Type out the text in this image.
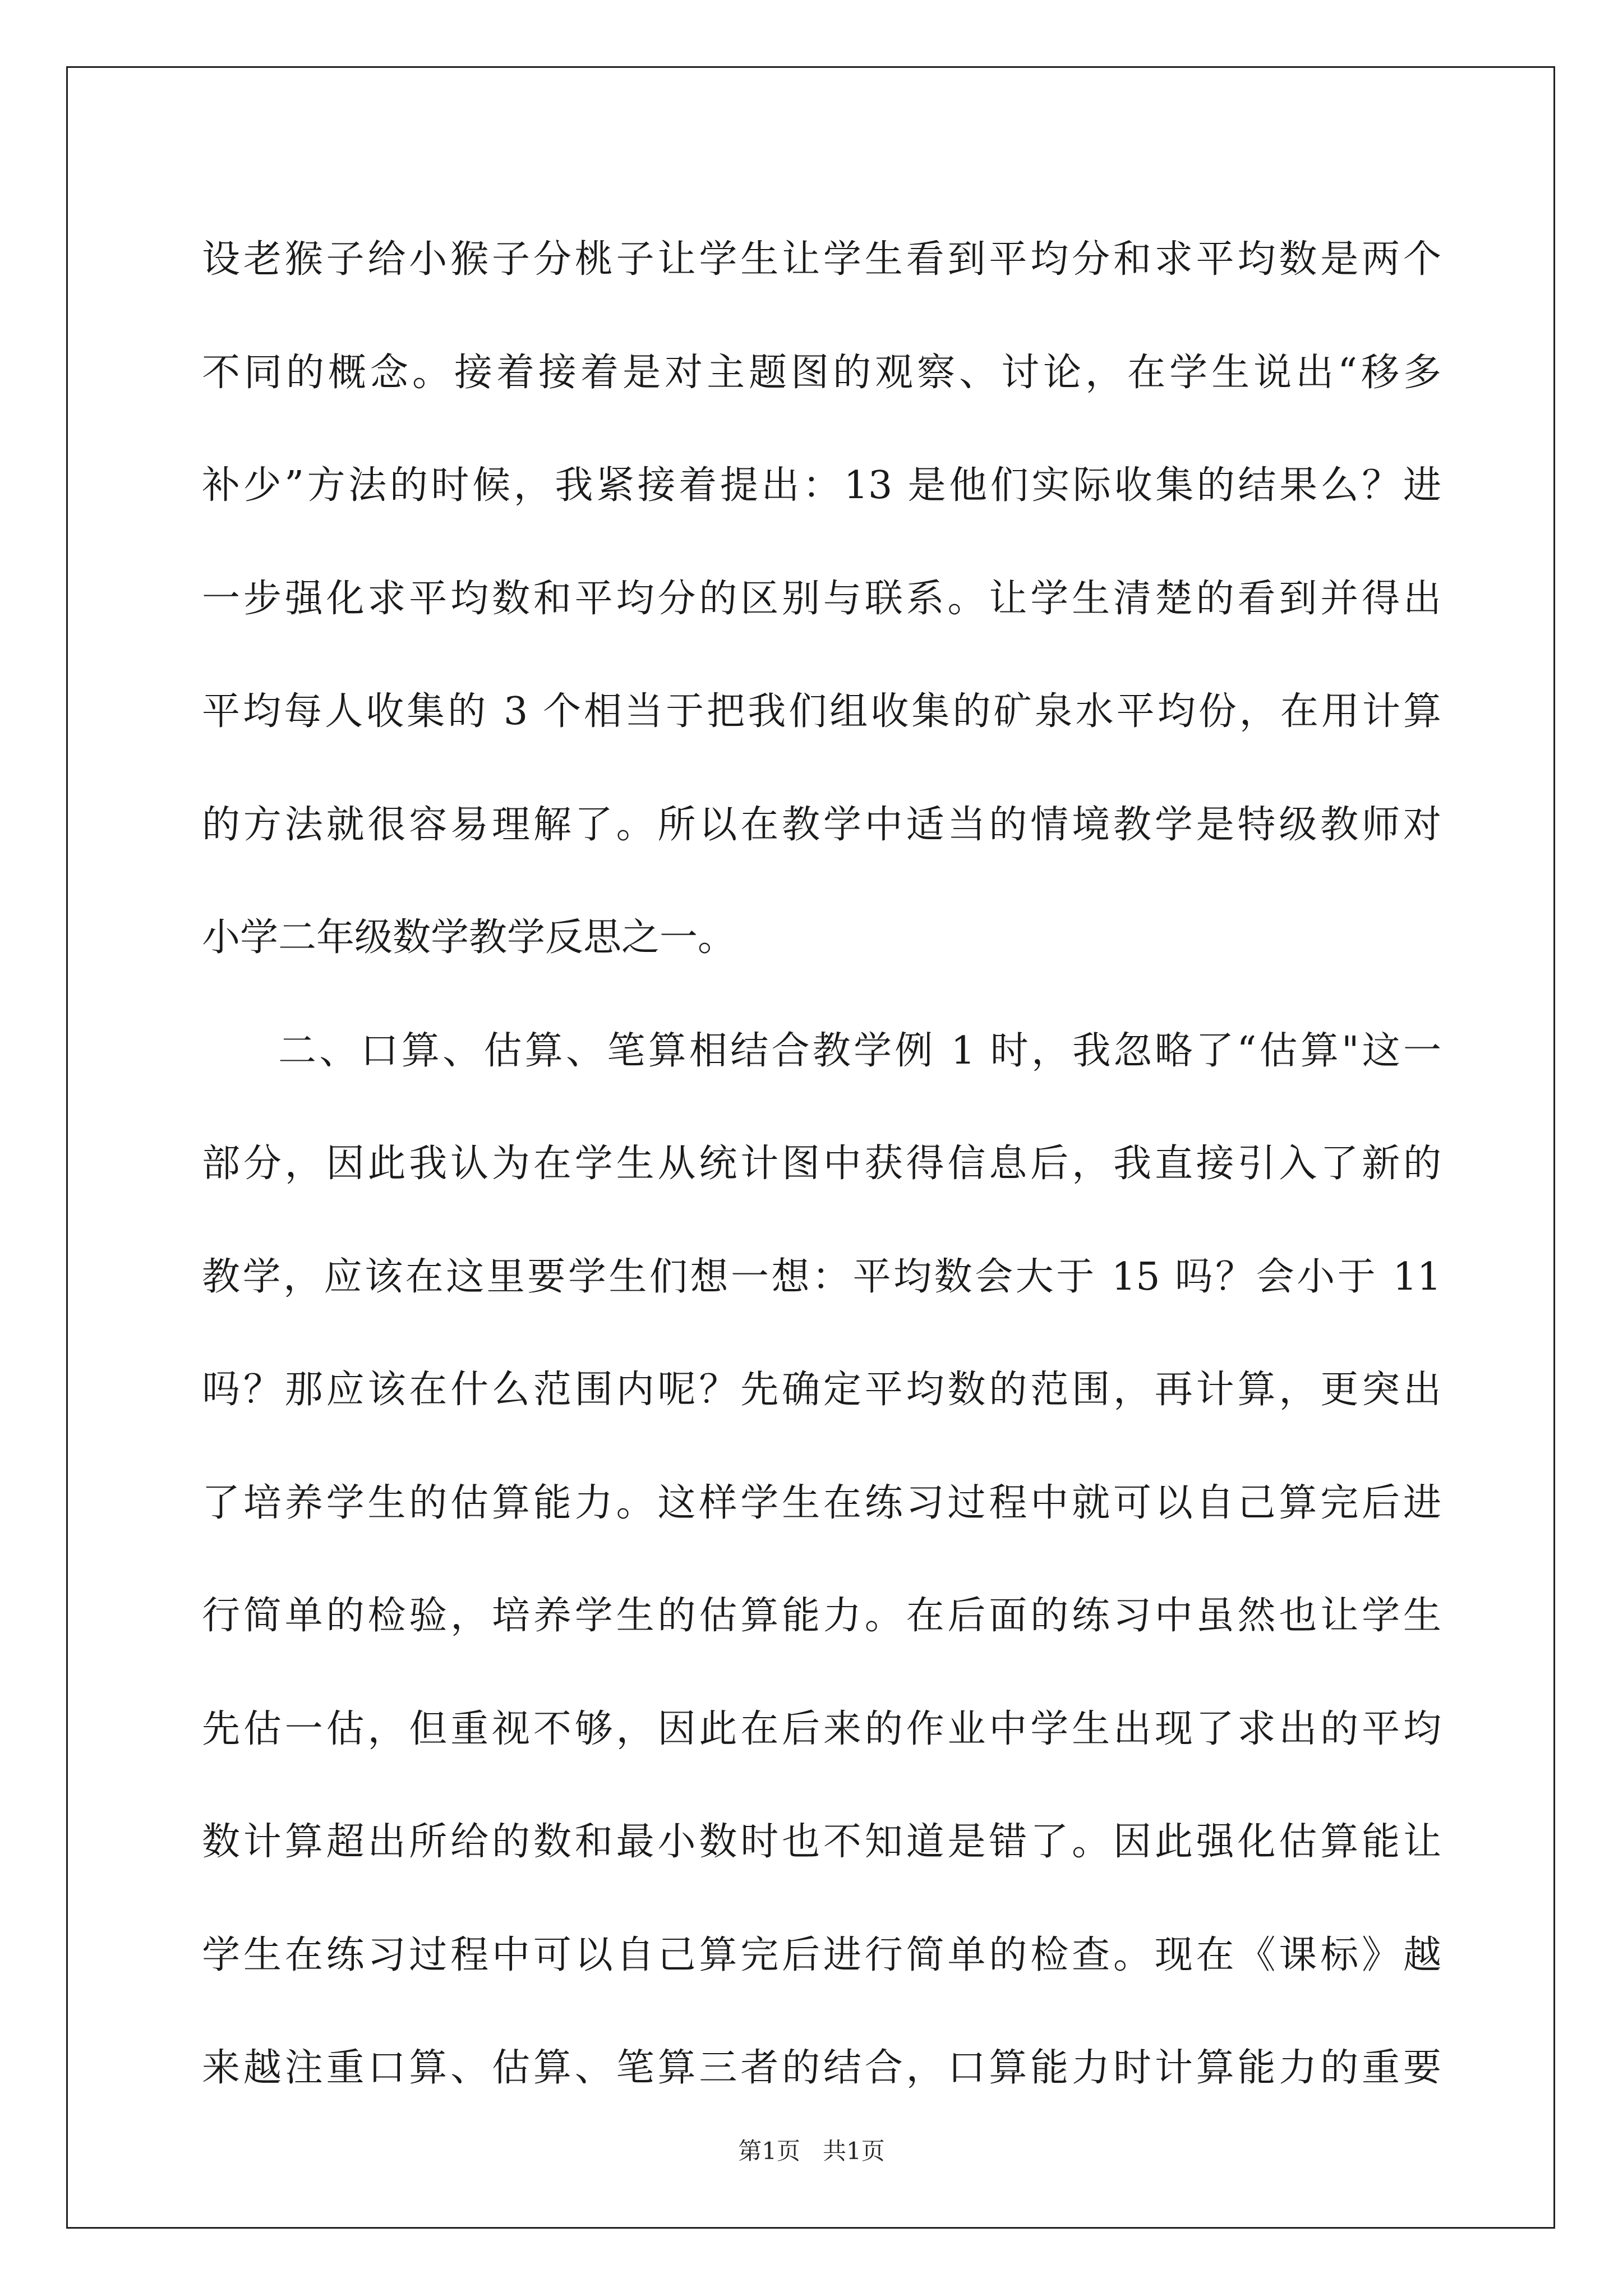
设老猴子给小猴子分桃子让学生让学生看到平均分和求平均数是两个
不同的概念。接着接着是对主题图的观察、讨论，在学生说出“移多
补少”方法的时候，我紧接着提出：13 是他们实际收集的结果么？进
一步强化求平均数和平均分的区别与联系。让学生清楚的看到并得出
平均每人收集的 3 个相当于把我们组收集的矿泉水平均份，在用计算
的方法就很容易理解了。所以在教学中适当的情境教学是特级教师对
小学二年级数学教学反思之一。
二、口算、估算、笔算相结合教学例 1 时，我忽略了“估算"这一
部分，因此我认为在学生从统计图中获得信息后，我直接引入了新的
教学，应该在这里要学生们想一想：平均数会大于 15 吗？会小于 11
吗？那应该在什么范围内呢？先确定平均数的范围，再计算，更突出
了培养学生的估算能力。这样学生在练习过程中就可以自己算完后进
行简单的检验，培养学生的估算能力。在后面的练习中虽然也让学生
先估一估，但重视不够，因此在后来的作业中学生出现了求出的平均
数计算超出所给的数和最小数时也不知道是错了。因此强化估算能让
学生在练习过程中可以自己算完后进行简单的检查。现在《课标》越
来越注重口算、估算、笔算三者的结合，口算能力时计算能力的重要
第1页 共1页
